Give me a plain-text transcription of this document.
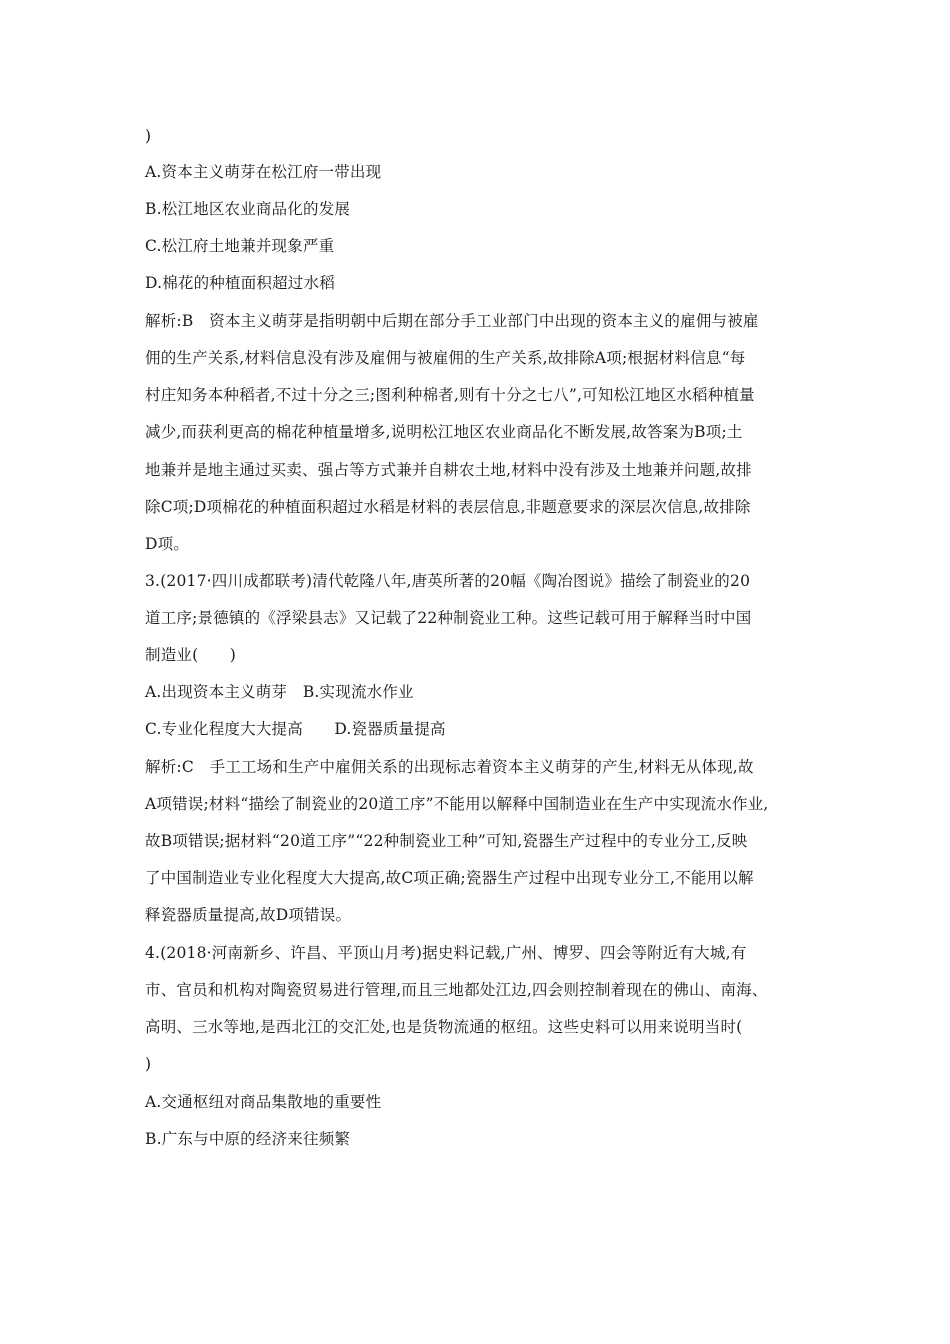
)
A.资本主义萌芽在松江府一带出现
B.松江地区农业商品化的发展
C.松江府土地兼并现象严重
D.棉花的种植面积超过水稻
解析:B　资本主义萌芽是指明朝中后期在部分手工业部门中出现的资本主义的雇佣与被雇
佣的生产关系,材料信息没有涉及雇佣与被雇佣的生产关系,故排除A项;根据材料信息“每
村庄知务本种稻者,不过十分之三;图利种棉者,则有十分之七八”,可知松江地区水稻种植量
减少,而获利更高的棉花种植量增多,说明松江地区农业商品化不断发展,故答案为B项;土
地兼并是地主通过买卖、强占等方式兼并自耕农土地,材料中没有涉及土地兼并问题,故排
除C项;D项棉花的种植面积超过水稻是材料的表层信息,非题意要求的深层次信息,故排除
D项。
3.(2017·四川成都联考)清代乾隆八年,唐英所著的20幅《陶冶图说》描绘了制瓷业的20
道工序;景德镇的《浮梁县志》又记载了22种制瓷业工种。这些记载可用于解释当时中国
制造业(　　)
A.出现资本主义萌芽　B.实现流水作业
C.专业化程度大大提高　　D.瓷器质量提高
解析:C　手工工场和生产中雇佣关系的出现标志着资本主义萌芽的产生,材料无从体现,故
A项错误;材料“描绘了制瓷业的20道工序”不能用以解释中国制造业在生产中实现流水作业,
故B项错误;据材料“20道工序”“22种制瓷业工种”可知,瓷器生产过程中的专业分工,反映
了中国制造业专业化程度大大提高,故C项正确;瓷器生产过程中出现专业分工,不能用以解
释瓷器质量提高,故D项错误。
4.(2018·河南新乡、许昌、平顶山月考)据史料记载,广州、博罗、四会等附近有大城,有
市、官员和机构对陶瓷贸易进行管理,而且三地都处江边,四会则控制着现在的佛山、南海、
高明、三水等地,是西北江的交汇处,也是货物流通的枢纽。这些史料可以用来说明当时(
)
A.交通枢纽对商品集散地的重要性
B.广东与中原的经济来往频繁
